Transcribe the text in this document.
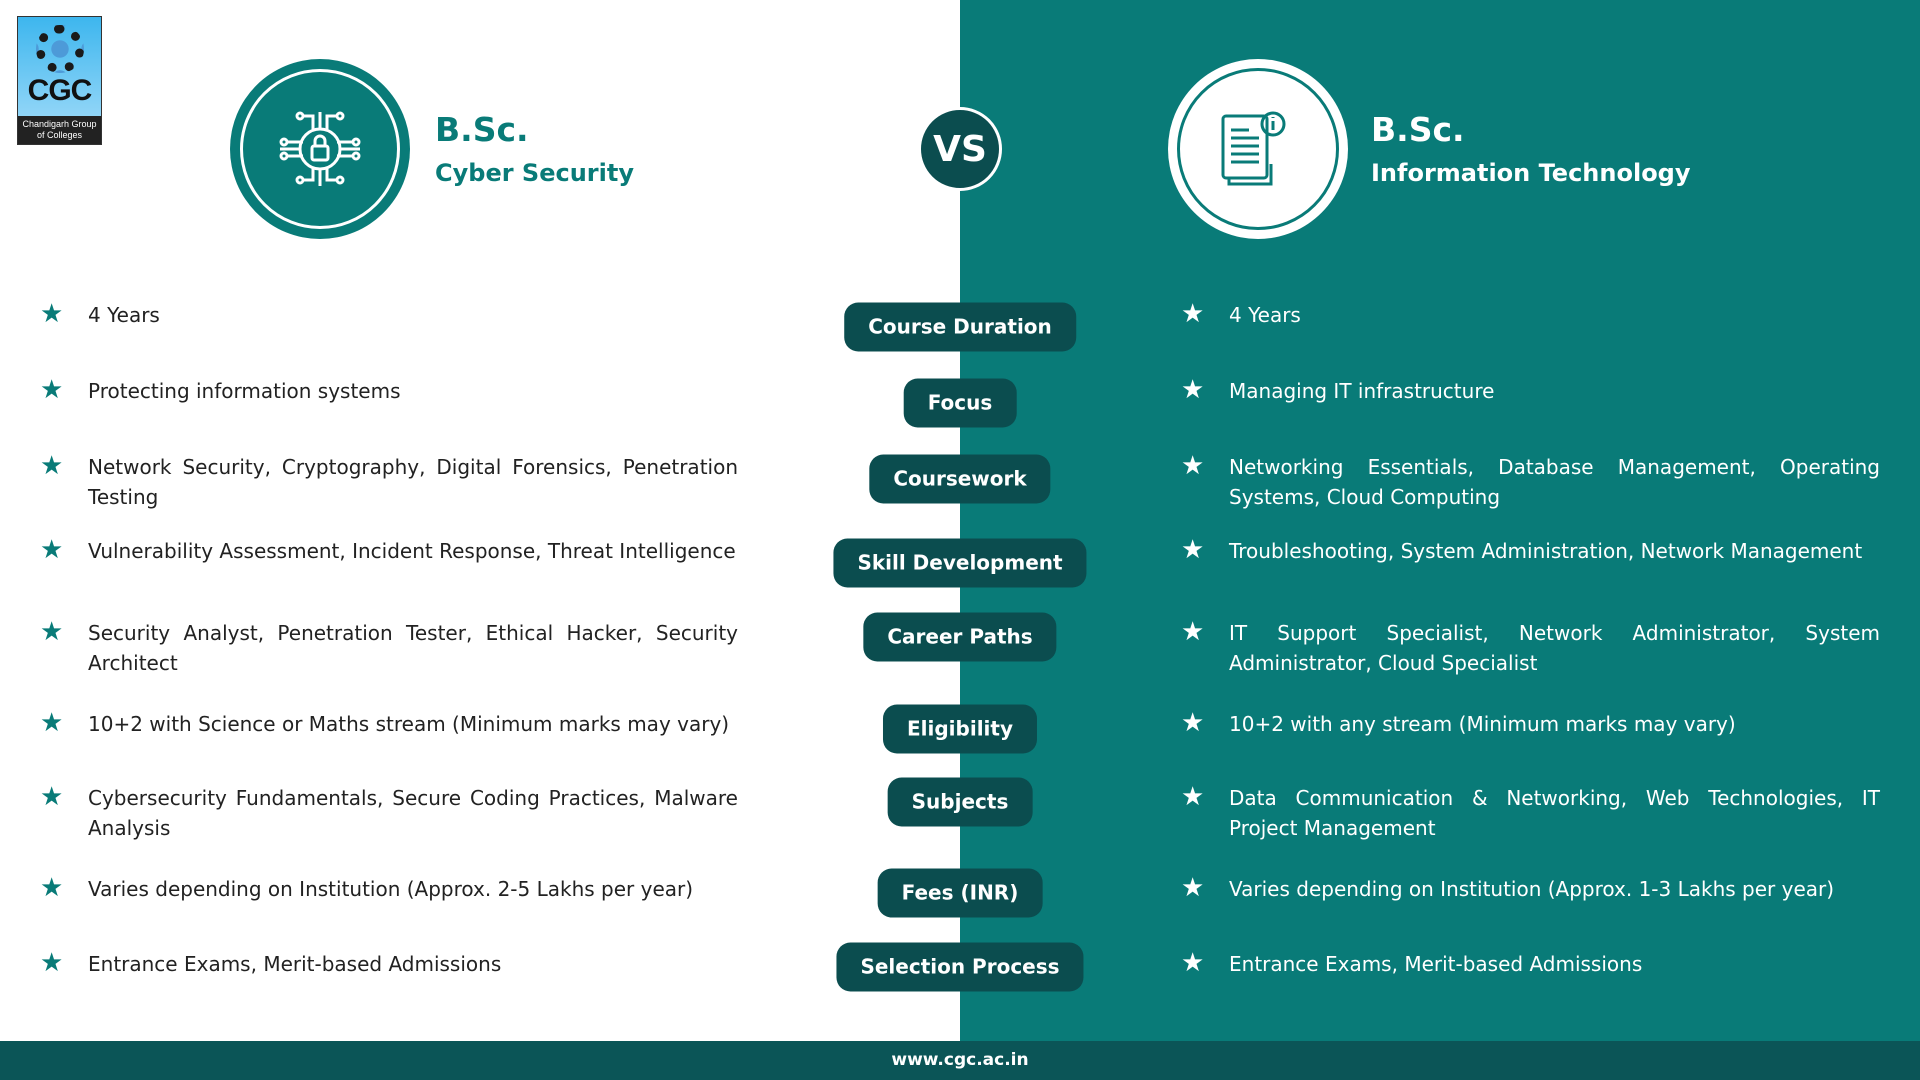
CGC
Chandigarh Group of Colleges	B.Sc.
Cyber Security
VS	B.Sc.
Information Technology
★ 4 Years
★ Protecting information systems
★ Network Security, Cryptography, Digital Forensics, Penetration Testing
★ Vulnerability Assessment, Incident Response, Threat Intelligence
★ Security Analyst, Penetration Tester, Ethical Hacker, Security Architect
★ 10+2 with Science or Maths stream (Minimum marks may vary)
★ Cybersecurity Fundamentals, Secure Coding Practices, Malware Analysis
★ Varies depending on Institution (Approx. 2-5 Lakhs per year)
★ Entrance Exams, Merit-based Admissions
★ 4 Years
★ Managing IT infrastructure
★ Networking Essentials, Database Management, Operating Systems, Cloud Computing
★ Troubleshooting, System Administration, Network Management
★ IT Support Specialist, Network Administrator, System Administrator, Cloud Specialist
★ 10+2 with any stream (Minimum marks may vary)
★ Data Communication & Networking, Web Technologies, IT Project Management
★ Varies depending on Institution (Approx. 1-3 Lakhs per year)
★ Entrance Exams, Merit-based Admissions
Course Duration
Focus
Coursework
Skill Development
Career Paths
Eligibility
Subjects
Fees (INR)
Selection Process
www.cgc.ac.in
